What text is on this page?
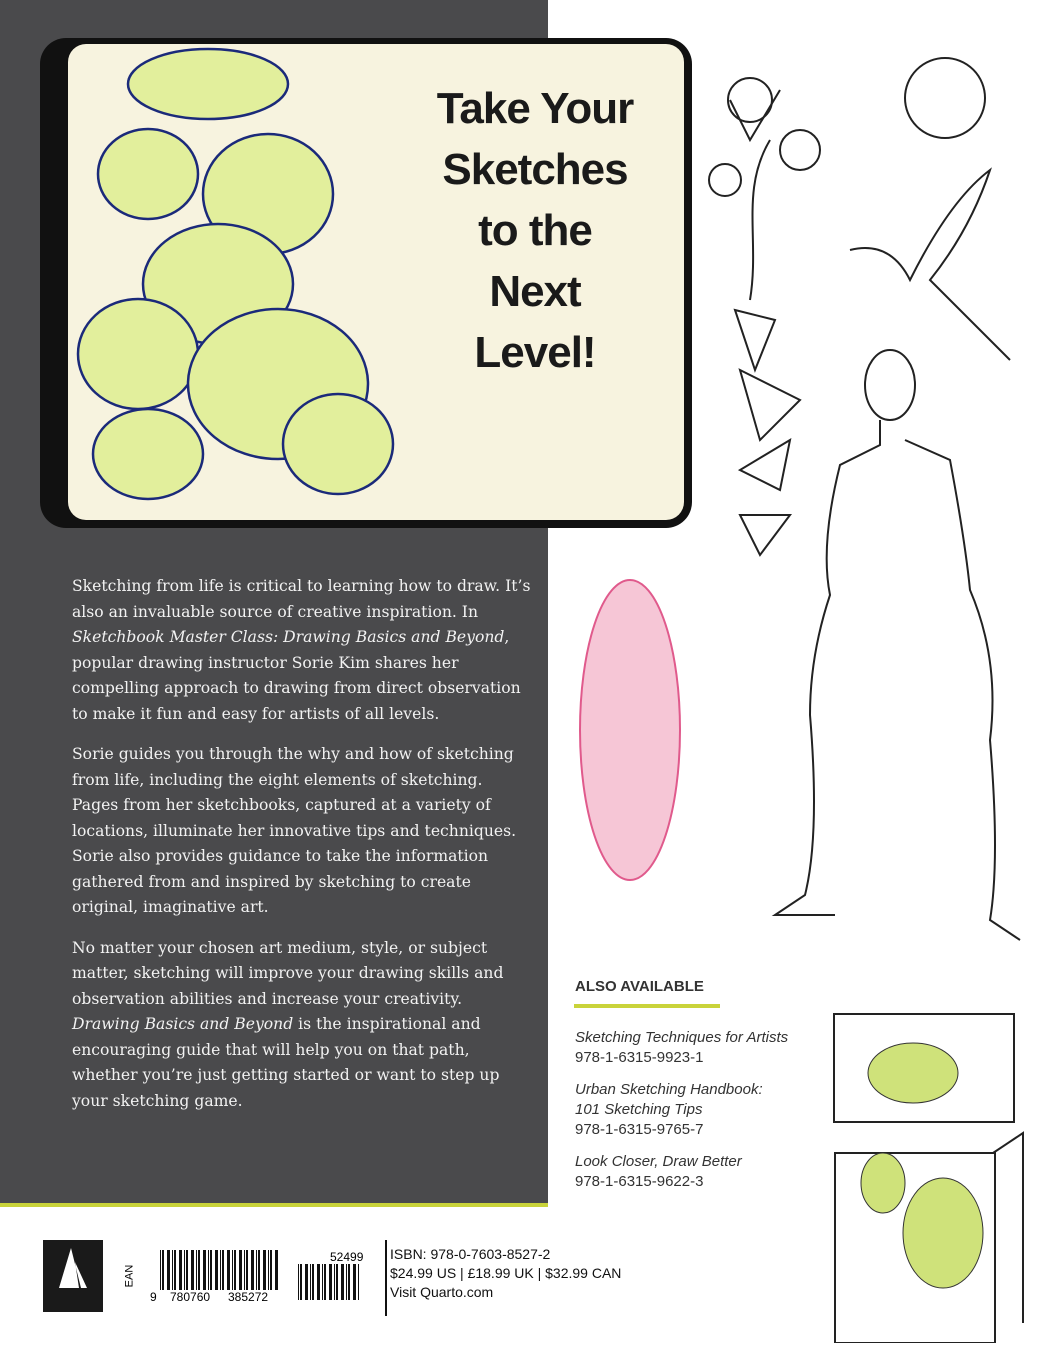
Take Your
Sketches
to the
Next
Level!

Sketching from life is critical to learning how to draw. It’s also an invaluable source of creative inspiration. In Sketchbook Master Class: Drawing Basics and Beyond, popular drawing instructor Sorie Kim shares her compelling approach to drawing from direct observation to make it fun and easy for artists of all levels.

Sorie guides you through the why and how of sketching from life, including the eight elements of sketching. Pages from her sketchbooks, captured at a variety of locations, illuminate her innovative tips and techniques. Sorie also provides guidance to take the information gathered from and inspired by sketching to create original, imaginative art.

No matter your chosen art medium, style, or subject matter, sketching will improve your drawing skills and observation abilities and increase your creativity. Drawing Basics and Beyond is the inspirational and encouraging guide that will help you on that path, whether you’re just getting started or want to step up your sketching game.

ALSO AVAILABLE
Sketching Techniques for Artists
978-1-6315-9923-1
Urban Sketching Handbook:
101 Sketching Tips
978-1-6315-9765-7
Look Closer, Draw Better
978-1-6315-9622-3
ROCKPORT
EAN
9 780760 385272
52499 ISBN: 978-0-7603-8527-2
$24.99 US | £18.99 UK | $32.99 CAN
Visit Quarto.com
